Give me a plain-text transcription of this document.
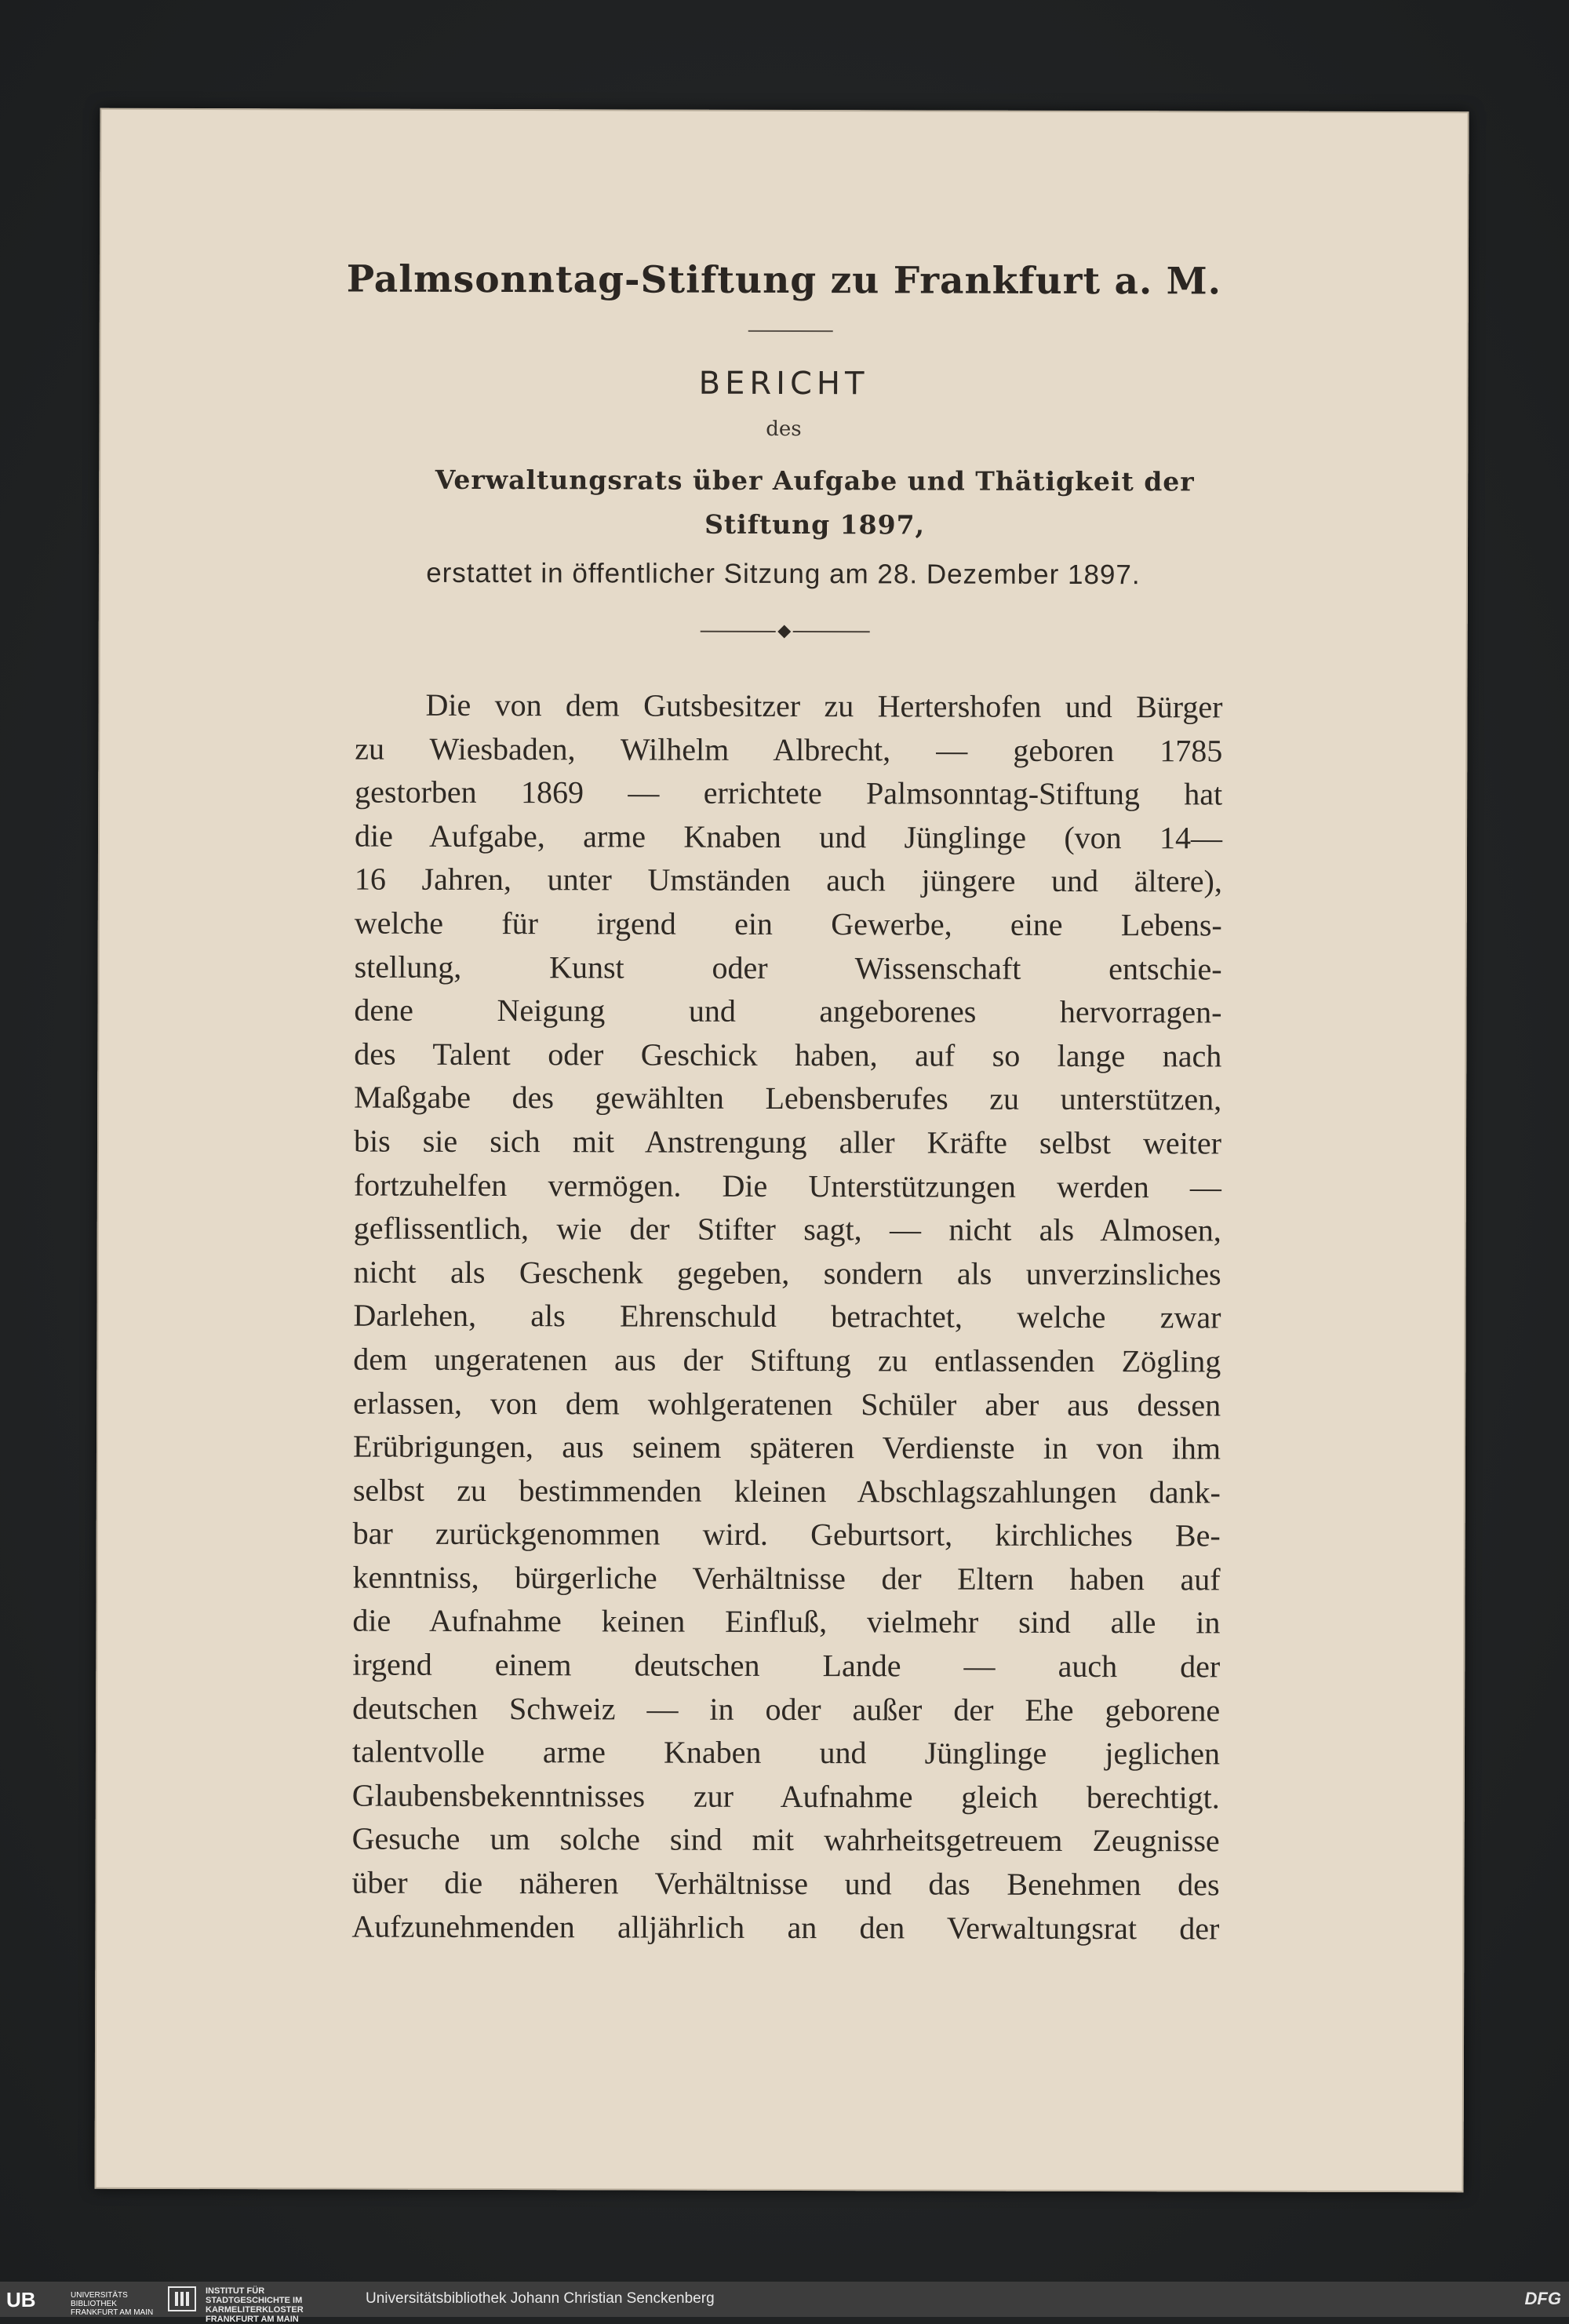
Palmsonntag-Stiftung zu Frankfurt a. M.
BERICHT
des
Verwaltungsrats über Aufgabe und Thätigkeit der
Stiftung 1897,
erstattet in öffentlicher Sitzung am 28. Dezember 1897.
Die von dem Gutsbesitzer zu Hertershofen und Bürger
zu Wiesbaden, Wilhelm Albrecht, — geboren 1785
gestorben 1869 — errichtete Palmsonntag-Stiftung hat
die Aufgabe, arme Knaben und Jünglinge (von 14—
16 Jahren, unter Umständen auch jüngere und ältere),
welche für irgend ein Gewerbe, eine Lebens-
stellung, Kunst oder Wissenschaft entschie-
dene Neigung und angeborenes hervorragen-
des Talent oder Geschick haben, auf so lange nach
Maßgabe des gewählten Lebensberufes zu unterstützen,
bis sie sich mit Anstrengung aller Kräfte selbst weiter
fortzuhelfen vermögen. Die Unterstützungen werden —
geflissentlich, wie der Stifter sagt, — nicht als Almosen,
nicht als Geschenk gegeben, sondern als unverzinsliches
Darlehen, als Ehrenschuld betrachtet, welche zwar
dem ungeratenen aus der Stiftung zu entlassenden Zögling
erlassen, von dem wohlgeratenen Schüler aber aus dessen
Erübrigungen, aus seinem späteren Verdienste in von ihm
selbst zu bestimmenden kleinen Abschlagszahlungen dank-
bar zurückgenommen wird. Geburtsort, kirchliches Be-
kenntniss, bürgerliche Verhältnisse der Eltern haben auf
die Aufnahme keinen Einfluß, vielmehr sind alle in
irgend einem deutschen Lande — auch der
deutschen Schweiz — in oder außer der Ehe geborene
talentvolle arme Knaben und Jünglinge jeglichen
Glaubensbekenntnisses zur Aufnahme gleich berechtigt.
Gesuche um solche sind mit wahrheitsgetreuem Zeugnisse
über die näheren Verhältnisse und das Benehmen des
Aufzunehmenden alljährlich an den Verwaltungsrat der
UB	UNIVERSITÄTS BIBLIOTHEK FRANKFURT AM MAIN
INSTITUT FÜR STADTGESCHICHTE IM KARMELITERKLOSTER FRANKFURT AM MAIN
Universitätsbibliothek Johann Christian Senckenberg	DFG
